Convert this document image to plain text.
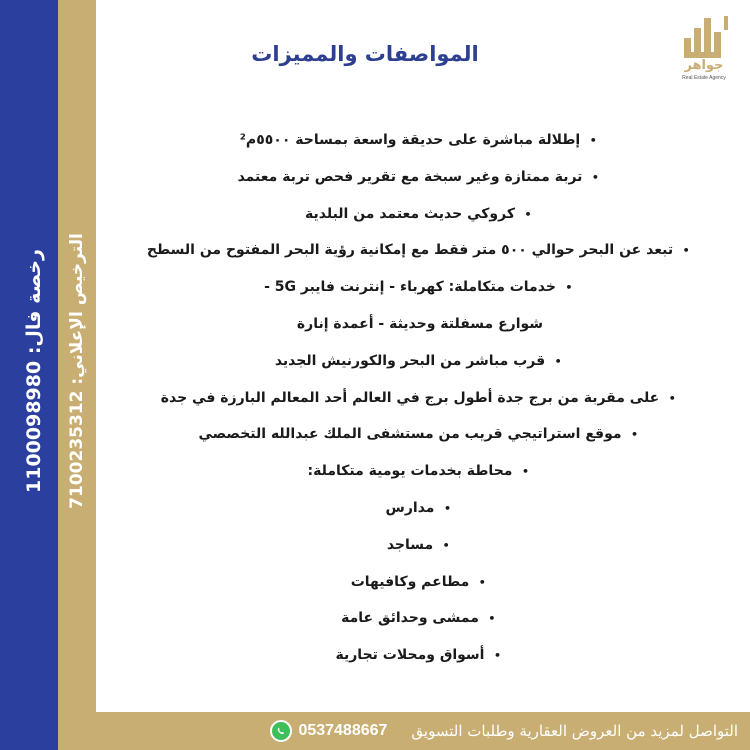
رخصة فال: 1100098980
الترخيص الإعلاني: 7100235312
جواهر
Real Estate Agency
المواصفات والمميزات
•إطلالة مباشرة على حديقة واسعة بمساحة ٥٥٠٠م²
•تربة ممتازة وغير سبخة مع تقرير فحص تربة معتمد
•كروكي حديث معتمد من البلدية
•تبعد عن البحر حوالي ٥٠٠ متر فقط مع إمكانية رؤية البحر المفتوح من السطح
•خدمات متكاملة: كهرباء - إنترنت فايبر 5G -
شوارع مسفلتة وحديثة - أعمدة إنارة
•قرب مباشر من البحر والكورنيش الجديد
•على مقربة من برج جدة أطول برج في العالم أحد المعالم البارزة في جدة
•موقع استراتيجي قريب من مستشفى الملك عبدالله التخصصي
•محاطة بخدمات يومية متكاملة:
•مدارس
•مساجد
•مطاعم وكافيهات
•ممشى وحدائق عامة
•أسواق ومحلات تجارية
التواصل لمزيد من العروض العقارية وطلبات التسويق
0537488667
